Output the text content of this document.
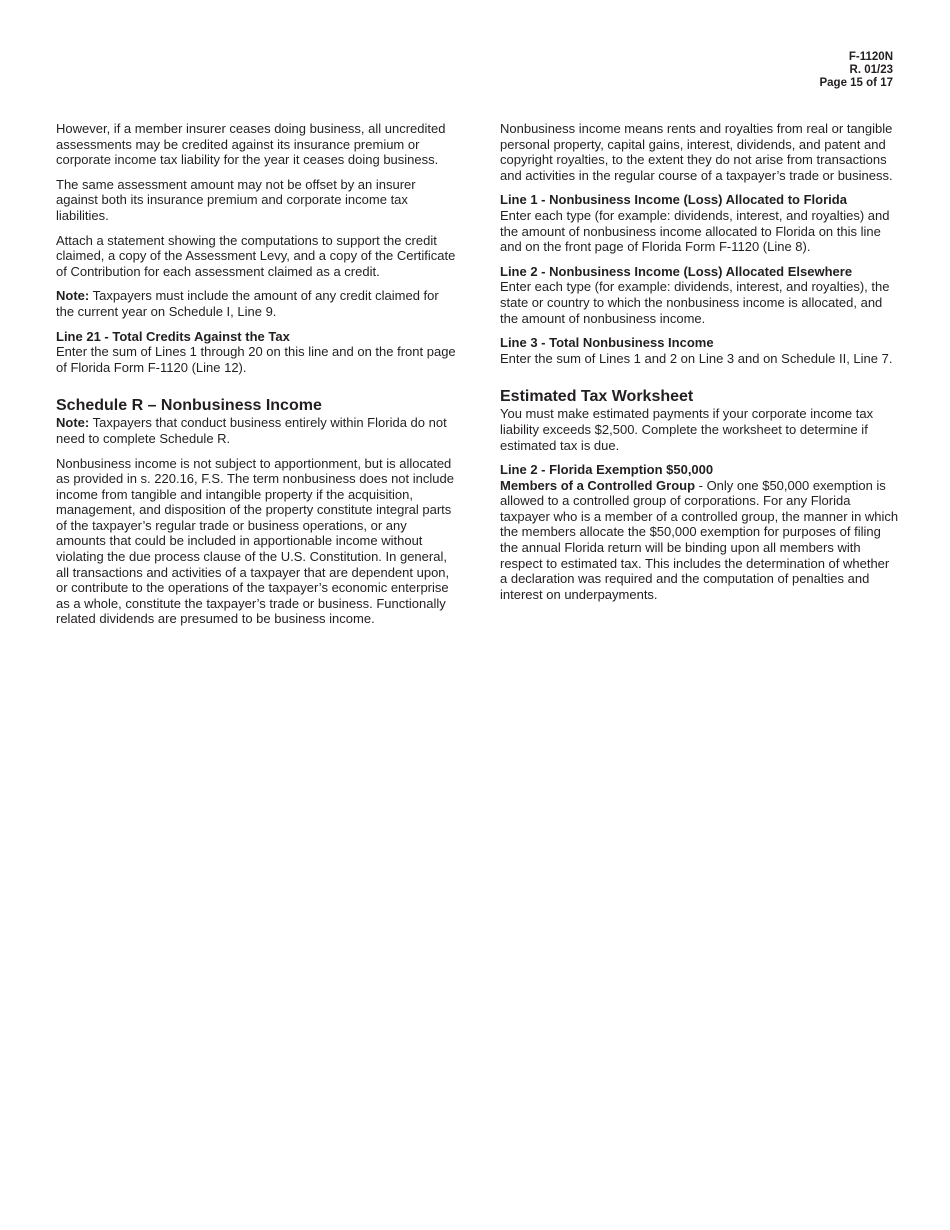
F-1120N
R. 01/23
Page 15 of 17

However, if a member insurer ceases doing business, all uncredited assessments may be credited against its insurance premium or corporate income tax liability for the year it ceases doing business.

The same assessment amount may not be offset by an insurer against both its insurance premium and corporate income tax liabilities.

Attach a statement showing the computations to support the credit claimed, a copy of the Assessment Levy, and a copy of the Certificate of Contribution for each assessment claimed as a credit.

Note: Taxpayers must include the amount of any credit claimed for the current year on Schedule I, Line 9.

Line 21 - Total Credits Against the Tax
Enter the sum of Lines 1 through 20 on this line and on the front page of Florida Form F-1120 (Line 12).

Schedule R – Nonbusiness Income

Note: Taxpayers that conduct business entirely within Florida do not need to complete Schedule R.

Nonbusiness income is not subject to apportionment, but is allocated as provided in s. 220.16, F.S. The term nonbusiness does not include income from tangible and intangible property if the acquisition, management, and disposition of the property constitute integral parts of the taxpayer’s regular trade or business operations, or any amounts that could be included in apportionable income without violating the due process clause of the U.S. Constitution. In general, all transactions and activities of a taxpayer that are dependent upon, or contribute to the operations of the taxpayer’s economic enterprise as a whole, constitute the taxpayer’s trade or business. Functionally related dividends are presumed to be business income.

Nonbusiness income means rents and royalties from real or tangible personal property, capital gains, interest, dividends, and patent and copyright royalties, to the extent they do not arise from transactions and activities in the regular course of a taxpayer’s trade or business.

Line 1 - Nonbusiness Income (Loss) Allocated to Florida
Enter each type (for example: dividends, interest, and royalties) and the amount of nonbusiness income allocated to Florida on this line and on the front page of Florida Form F-1120 (Line 8).

Line 2 - Nonbusiness Income (Loss) Allocated Elsewhere
Enter each type (for example: dividends, interest, and royalties), the state or country to which the nonbusiness income is allocated, and the amount of nonbusiness income.

Line 3 - Total Nonbusiness Income
Enter the sum of Lines 1 and 2 on Line 3 and on Schedule II, Line 7.

Estimated Tax Worksheet

You must make estimated payments if your corporate income tax liability exceeds $2,500. Complete the worksheet to determine if estimated tax is due.

Line 2 - Florida Exemption $50,000
Members of a Controlled Group - Only one $50,000 exemption is allowed to a controlled group of corporations. For any Florida taxpayer who is a member of a controlled group, the manner in which the members allocate the $50,000 exemption for purposes of filing the annual Florida return will be binding upon all members with respect to estimated tax. This includes the determination of whether a declaration was required and the computation of penalties and interest on underpayments.
